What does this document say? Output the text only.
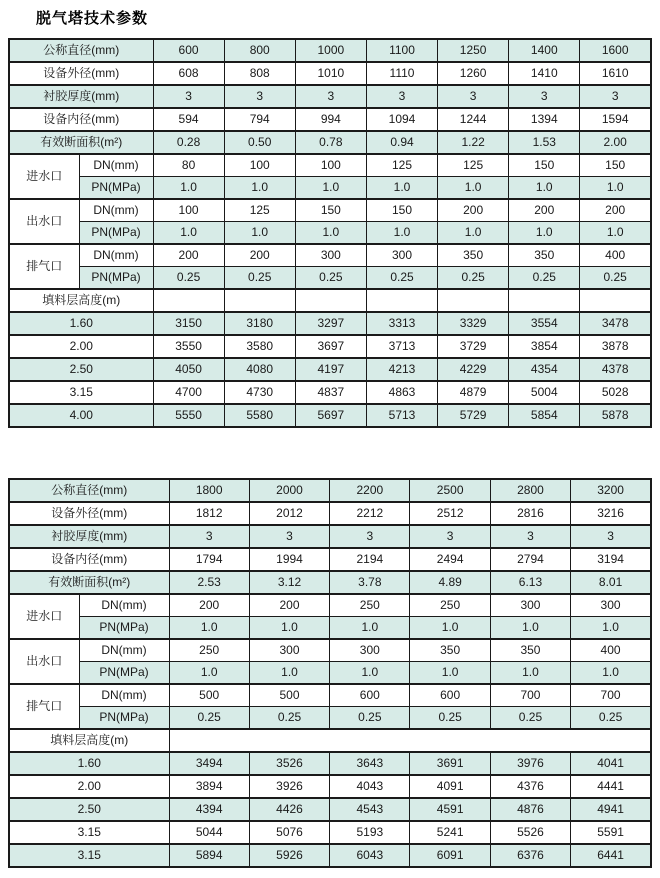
脱气塔技术参数
公称直径(mm)		600	800	1000	1100	1250	1400	1600
设备外径(mm)		608	808	1010	1110	1260	1410	1610
衬胶厚度(mm)		3	3	3	3	3	3	3
设备内径(mm)		594	794	994	1094	1244	1394	1594
有效断面积(m²)		0.28	0.50	0.78	0.94	1.22	1.53	2.00
进水口	DN(mm)	80	100	100	125	125	150	150
	PN(MPa)	1.0	1.0	1.0	1.0	1.0	1.0	1.0
出水口	DN(mm)	100	125	150	150	200	200	200
	PN(MPa)	1.0	1.0	1.0	1.0	1.0	1.0	1.0
排气口	DN(mm)	200	200	300	300	350	350	400
	PN(MPa)	0.25	0.25	0.25	0.25	0.25	0.25	0.25
填料层高度(m)								
1.60		3150	3180	3297	3313	3329	3554	3478
2.00		3550	3580	3697	3713	3729	3854	3878
2.50		4050	4080	4197	4213	4229	4354	4378
3.15		4700	4730	4837	4863	4879	5004	5028
4.00		5550	5580	5697	5713	5729	5854	5878
公称直径(mm)		1800	2000	2200	2500	2800	3200
设备外径(mm)		1812	2012	2212	2512	2816	3216
衬胶厚度(mm)		3	3	3	3	3	3
设备内径(mm)		1794	1994	2194	2494	2794	3194
有效断面积(m²)		2.53	3.12	3.78	4.89	6.13	8.01
进水口	DN(mm)	200	200	250	250	300	300
	PN(MPa)	1.0	1.0	1.0	1.0	1.0	1.0
出水口	DN(mm)	250	300	300	350	350	400
	PN(MPa)	1.0	1.0	1.0	1.0	1.0	1.0
排气口	DN(mm)	500	500	600	600	700	700
	PN(MPa)	0.25	0.25	0.25	0.25	0.25	0.25
填料层高度(m)							
1.60		3494	3526	3643	3691	3976	4041
2.00		3894	3926	4043	4091	4376	4441
2.50		4394	4426	4543	4591	4876	4941
3.15		5044	5076	5193	5241	5526	5591
3.15		5894	5926	6043	6091	6376	6441
